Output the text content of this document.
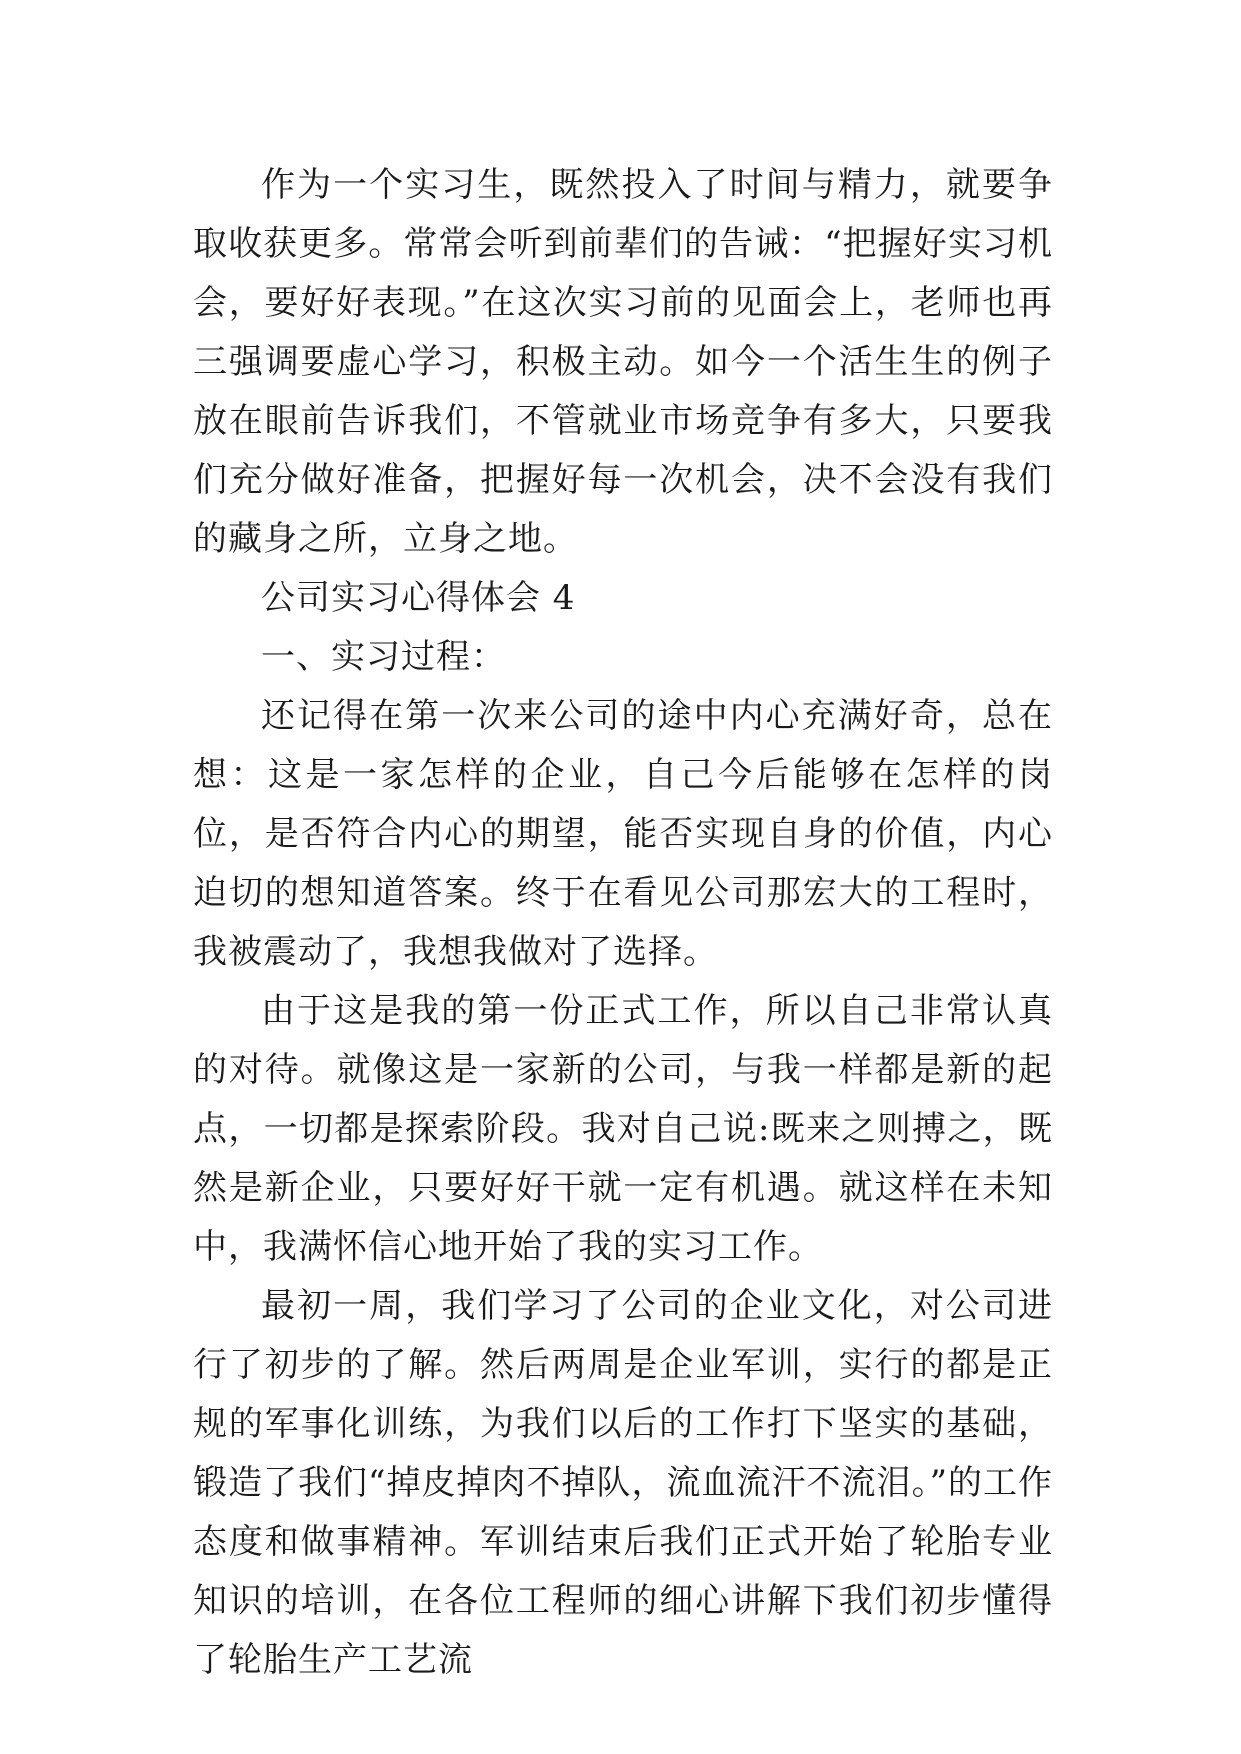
作为一个实习生，既然投入了时间与精力，就要争取收获更多。常常会听到前辈们的告诫：“把握好实习机会，要好好表现。”在这次实习前的见面会上，老师也再三强调要虚心学习，积极主动。如今一个活生生的例子放在眼前告诉我们，不管就业市场竞争有多大，只要我们充分做好准备，把握好每一次机会，决不会没有我们的藏身之所，立身之地。

公司实习心得体会 4

一、实习过程：

还记得在第一次来公司的途中内心充满好奇，总在想：这是一家怎样的企业，自己今后能够在怎样的岗位，是否符合内心的期望，能否实现自身的价值，内心迫切的想知道答案。终于在看见公司那宏大的工程时，我被震动了，我想我做对了选择。

由于这是我的第一份正式工作，所以自己非常认真的对待。就像这是一家新的公司，与我一样都是新的起点，一切都是探索阶段。我对自己说:既来之则搏之，既然是新企业，只要好好干就一定有机遇。就这样在未知中，我满怀信心地开始了我的实习工作。

最初一周，我们学习了公司的企业文化，对公司进行了初步的了解。然后两周是企业军训，实行的都是正规的军事化训练，为我们以后的工作打下坚实的基础，锻造了我们“掉皮掉肉不掉队，流血流汗不流泪。”的工作态度和做事精神。军训结束后我们正式开始了轮胎专业知识的培训，在各位工程师的细心讲解下我们初步懂得了轮胎生产工艺流
